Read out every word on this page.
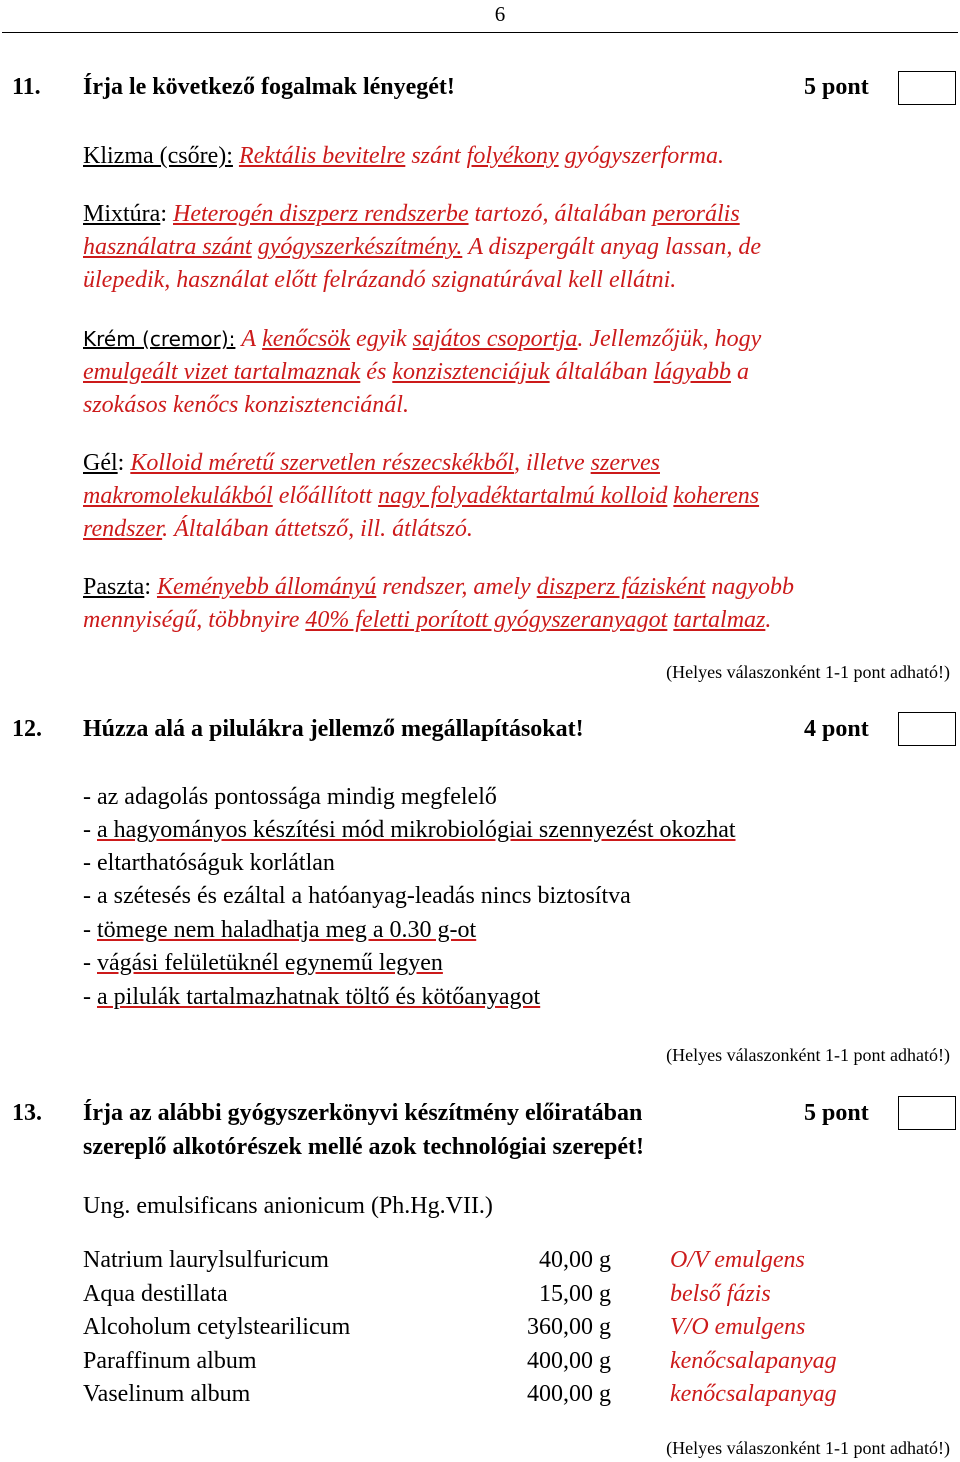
6
11. Írja le következő fogalmak lényegét!	5 pont
Klizma (csőre): Rektális bevitelre szánt folyékony gyógyszerforma.
Mixtúra: Heterogén diszperz rendszerbe tartozó, általában perorális
használatra szánt gyógyszerkészítmény. A diszpergált anyag lassan, de
ülepedik, használat előtt felrázandó szignatúrával kell ellátni.
Krém (cremor): A kenőcsök egyik sajátos csoportja. Jellemzőjük, hogy
emulgeált vizet tartalmaznak és konzisztenciájuk általában lágyabb a
szokásos kenőcs konzisztenciánál.
Gél: Kolloid méretű szervetlen részecskékből, illetve szerves
makromolekulákból előállított nagy folyadéktartalmú kolloid koherens
rendszer. Általában áttetsző, ill. átlátszó.
Paszta: Keményebb állományú rendszer, amely diszperz fázisként nagyobb
mennyiségű, többnyire 40% feletti porított gyógyszeranyagot tartalmaz.
(Helyes válaszonként 1-1 pont adható!)
12. Húzza alá a pilulákra jellemző megállapításokat!	4 pont
- az adagolás pontossága mindig megfelelő
- a hagyományos készítési mód mikrobiológiai szennyezést okozhat
- eltarthatóságuk korlátlan
- a szétesés és ezáltal a hatóanyag-leadás nincs biztosítva
- tömege nem haladhatja meg a 0.30 g-ot
- vágási felületüknél egynemű legyen
- a pilulák tartalmazhatnak töltő és kötőanyagot
(Helyes válaszonként 1-1 pont adható!)
13. Írja az alábbi gyógyszerkönyvi készítmény előiratában
szereplő alkotórészek mellé azok technológiai szerepét!
5 pont
Ung. emulsificans anionicum (Ph.Hg.VII.)
Natrium laurylsulfuricum	40,00 g O/V emulgens
Aqua destillata	15,00 g belső fázis
Alcoholum cetylstearilicum	360,00 g V/O emulgens
Paraffinum album	400,00 g kenőcsalapanyag
Vaselinum album	400,00 g kenőcsalapanyag
(Helyes válaszonként 1-1 pont adható!)
